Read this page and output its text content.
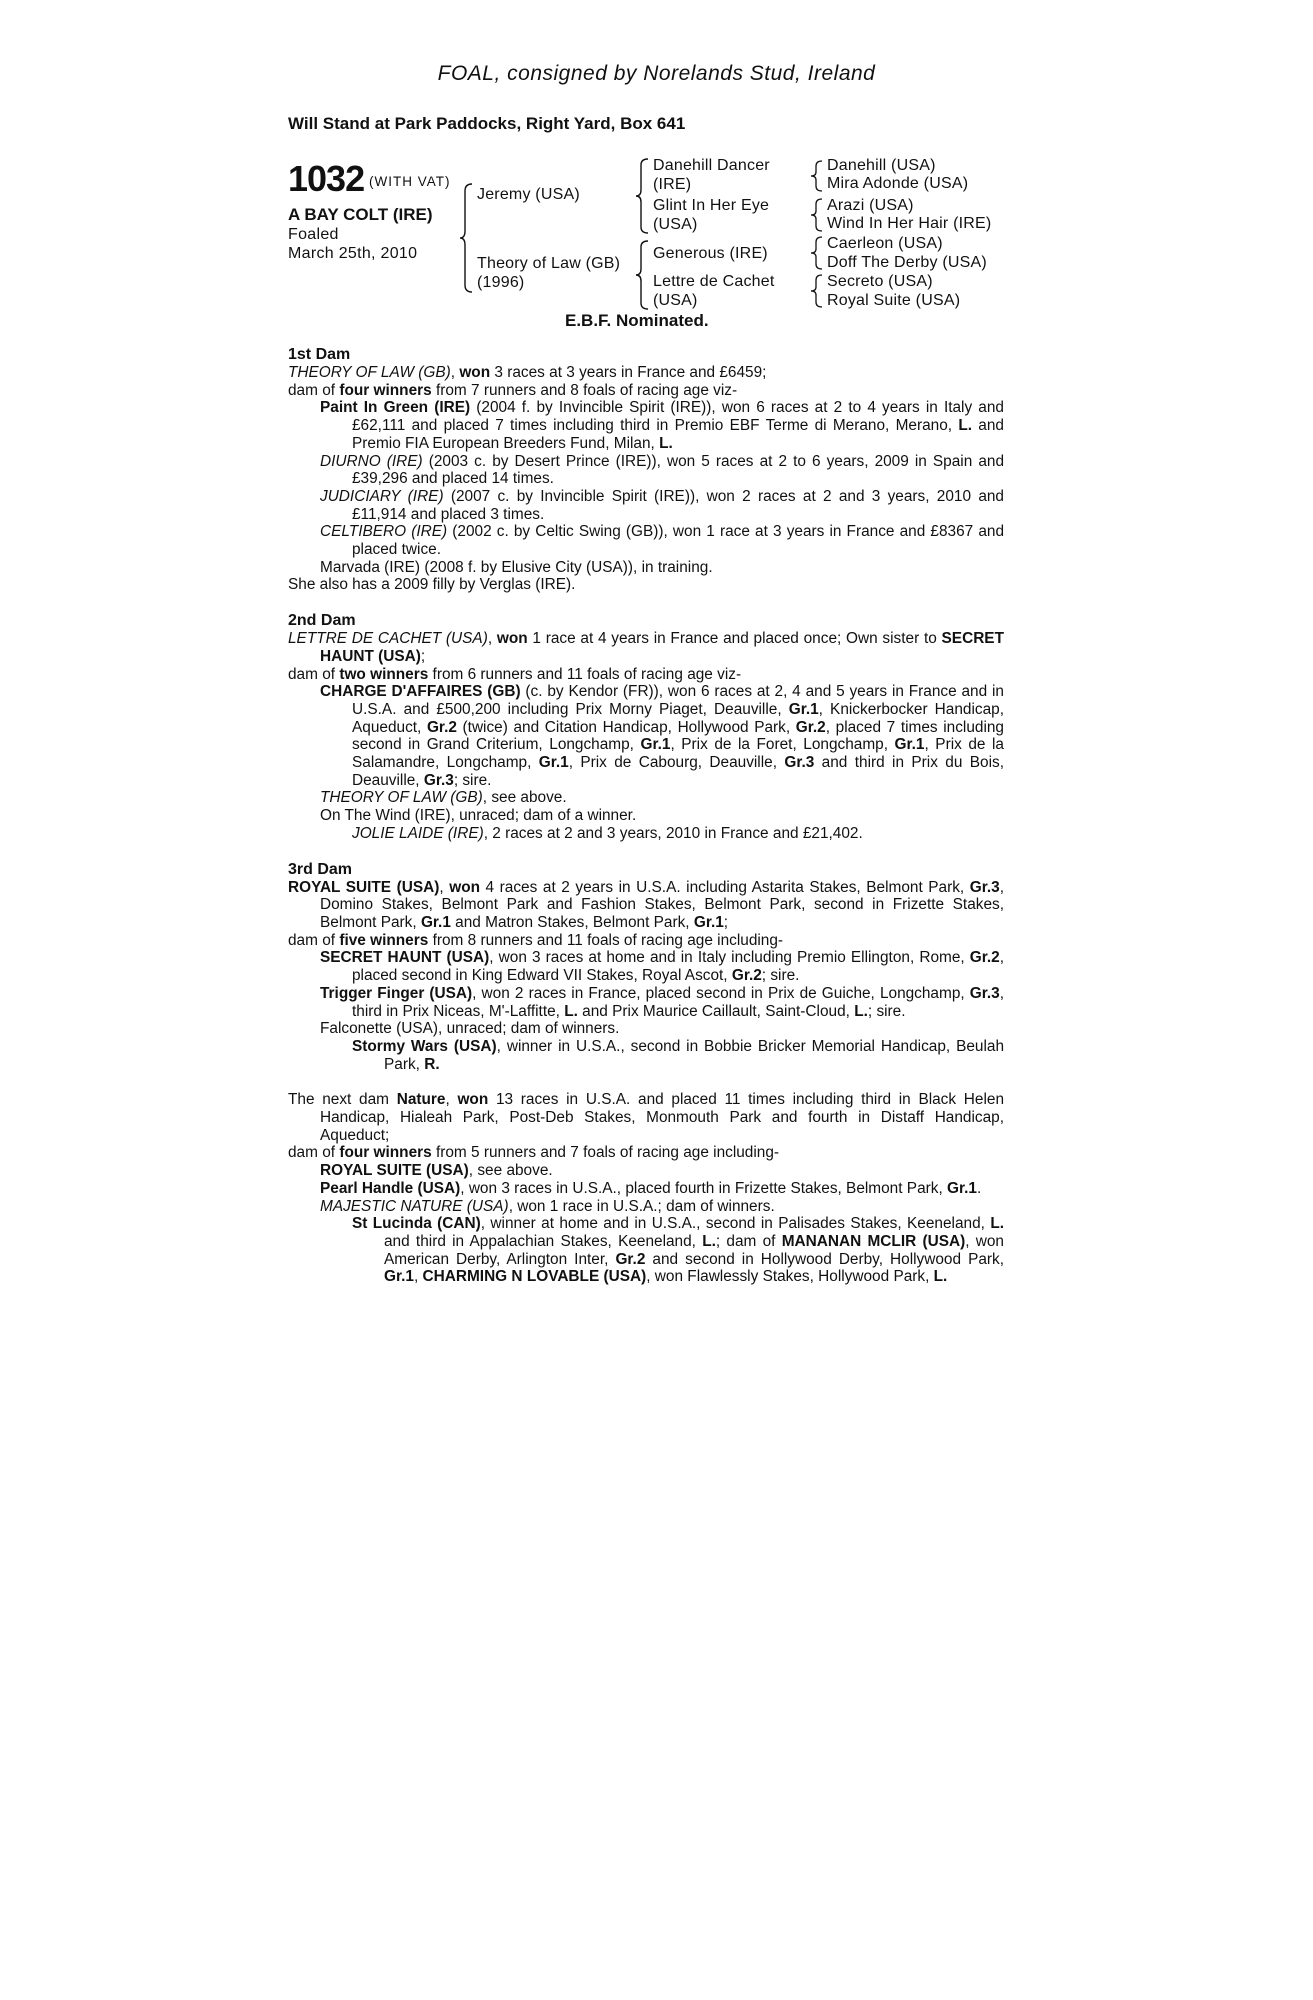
FOAL, consigned by Norelands Stud, Ireland
Will Stand at Park Paddocks, Right Yard, Box 641
1032 (WITH VAT)
A BAY COLT (IRE)
Foaled
March 25th, 2010
Jeremy (USA)
Theory of Law (GB)
(1996)
Danehill Dancer
(IRE)
Glint In Her Eye
(USA)
Generous (IRE)
Lettre de Cachet
(USA)
Danehill (USA)
Mira Adonde (USA)
Arazi (USA)
Wind In Her Hair (IRE)
Caerleon (USA)
Doff The Derby (USA)
Secreto (USA)
Royal Suite (USA)
E.B.F. Nominated.
1st Dam

THEORY OF LAW (GB), won 3 races at 3 years in France and £6459;

dam of four winners from 7 runners and 8 foals of racing age viz-

Paint In Green (IRE) (2004 f. by Invincible Spirit (IRE)), won 6 races at 2 to 4 years in Italy and £62,111 and placed 7 times including third in Premio EBF Terme di Merano, Merano, L. and Premio FIA European Breeders Fund, Milan, L.

DIURNO (IRE) (2003 c. by Desert Prince (IRE)), won 5 races at 2 to 6 years, 2009 in Spain and £39,296 and placed 14 times.

JUDICIARY (IRE) (2007 c. by Invincible Spirit (IRE)), won 2 races at 2 and 3 years, 2010 and £11,914 and placed 3 times.

CELTIBERO (IRE) (2002 c. by Celtic Swing (GB)), won 1 race at 3 years in France and £8367 and placed twice.

Marvada (IRE) (2008 f. by Elusive City (USA)), in training.

She also has a 2009 filly by Verglas (IRE).

2nd Dam

LETTRE DE CACHET (USA), won 1 race at 4 years in France and placed once; Own sister to SECRET HAUNT (USA);

dam of two winners from 6 runners and 11 foals of racing age viz-

CHARGE D'AFFAIRES (GB) (c. by Kendor (FR)), won 6 races at 2, 4 and 5 years in France and in U.S.A. and £500,200 including Prix Morny Piaget, Deauville, Gr.1, Knickerbocker Handicap, Aqueduct, Gr.2 (twice) and Citation Handicap, Hollywood Park, Gr.2, placed 7 times including second in Grand Criterium, Longchamp, Gr.1, Prix de la Foret, Longchamp, Gr.1, Prix de la Salamandre, Longchamp, Gr.1, Prix de Cabourg, Deauville, Gr.3 and third in Prix du Bois, Deauville, Gr.3; sire.

THEORY OF LAW (GB), see above.

On The Wind (IRE), unraced; dam of a winner.

JOLIE LAIDE (IRE), 2 races at 2 and 3 years, 2010 in France and £21,402.

3rd Dam

ROYAL SUITE (USA), won 4 races at 2 years in U.S.A. including Astarita Stakes, Belmont Park, Gr.3, Domino Stakes, Belmont Park and Fashion Stakes, Belmont Park, second in Frizette Stakes, Belmont Park, Gr.1 and Matron Stakes, Belmont Park, Gr.1;

dam of five winners from 8 runners and 11 foals of racing age including-

SECRET HAUNT (USA), won 3 races at home and in Italy including Premio Ellington, Rome, Gr.2, placed second in King Edward VII Stakes, Royal Ascot, Gr.2; sire.

Trigger Finger (USA), won 2 races in France, placed second in Prix de Guiche, Longchamp, Gr.3, third in Prix Niceas, M'-Laffitte, L. and Prix Maurice Caillault, Saint-Cloud, L.; sire.

Falconette (USA), unraced; dam of winners.

Stormy Wars (USA), winner in U.S.A., second in Bobbie Bricker Memorial Handicap, Beulah Park, R.

The next dam Nature, won 13 races in U.S.A. and placed 11 times including third in Black Helen Handicap, Hialeah Park, Post-Deb Stakes, Monmouth Park and fourth in Distaff Handicap, Aqueduct;

dam of four winners from 5 runners and 7 foals of racing age including-

ROYAL SUITE (USA), see above.

Pearl Handle (USA), won 3 races in U.S.A., placed fourth in Frizette Stakes, Belmont Park, Gr.1.

MAJESTIC NATURE (USA), won 1 race in U.S.A.; dam of winners.

St Lucinda (CAN), winner at home and in U.S.A., second in Palisades Stakes, Keeneland, L. and third in Appalachian Stakes, Keeneland, L.; dam of MANANAN MCLIR (USA), won American Derby, Arlington Inter, Gr.2 and second in Hollywood Derby, Hollywood Park, Gr.1, CHARMING N LOVABLE (USA), won Flawlessly Stakes, Hollywood Park, L.
